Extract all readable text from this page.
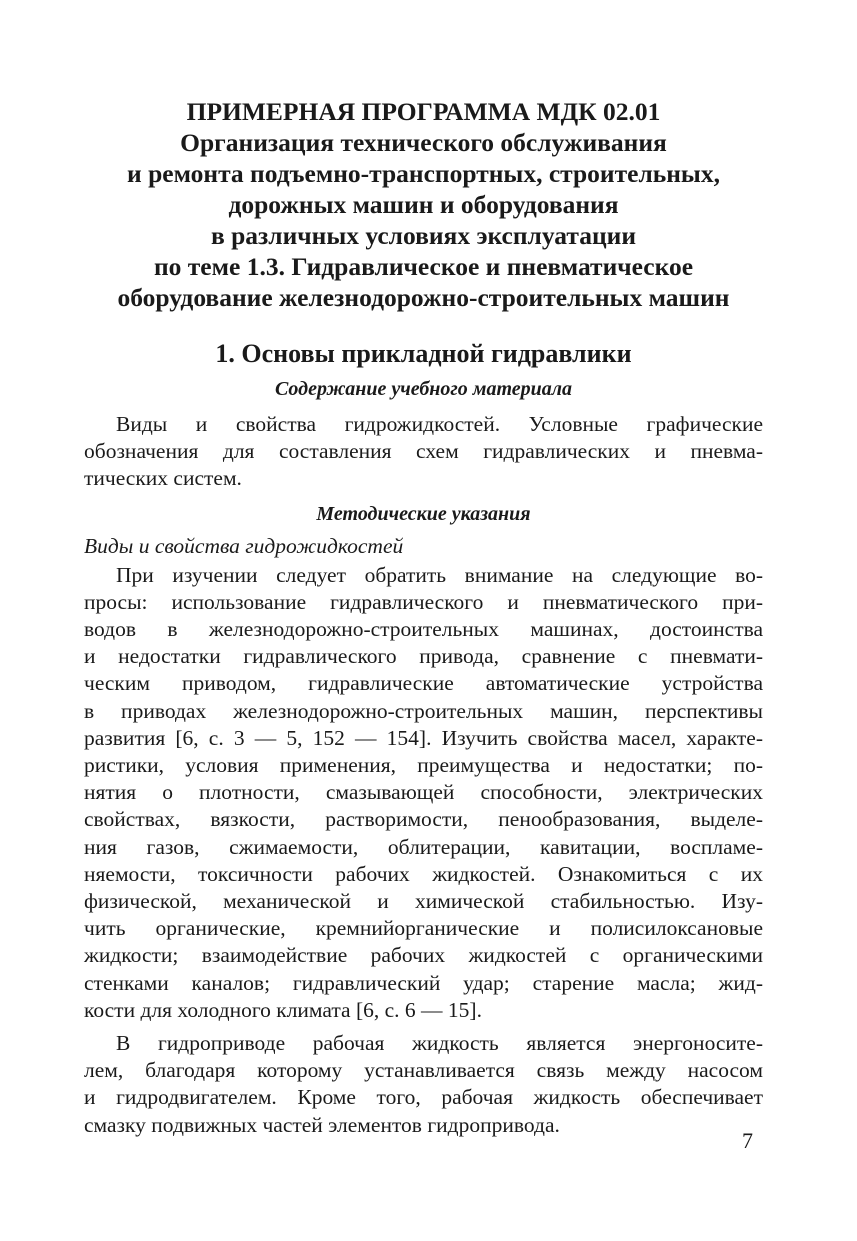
ПРИМЕРНАЯ ПРОГРАММА МДК 02.01
Организация технического обслуживания
и ремонта подъемно-транспортных, строительных,
дорожных машин и оборудования
в различных условиях эксплуатации
по теме 1.3. Гидравлическое и пневматическое
оборудование железнодорожно-строительных машин
1. Основы прикладной гидравлики
Содержание учебного материала

Виды и свойства гидрожидкостей. Условные графические
обозначения для составления схем гидравлических и пневма-
тических систем.

Методические указания

Виды и свойства гидрожидкостей

При изучении следует обратить внимание на следующие во-
просы: использование гидравлического и пневматического при-
водов в железнодорожно-строительных машинах, достоинства
и недостатки гидравлического привода, сравнение с пневмати-
ческим приводом, гидравлические автоматические устройства
в приводах железнодорожно-строительных машин, перспективы
развития [6, с. 3 — 5, 152 — 154]. Изучить свойства масел, характе-
ристики, условия применения, преимущества и недостатки; по-
нятия о плотности, смазывающей способности, электрических
свойствах, вязкости, растворимости, пенообразования, выделе-
ния газов, сжимаемости, облитерации, кавитации, воспламе-
няемости, токсичности рабочих жидкостей. Ознакомиться с их
физической, механической и химической стабильностью. Изу-
чить органические, кремнийорганические и полисилоксановые
жидкости; взаимодействие рабочих жидкостей с органическими
стенками каналов; гидравлический удар; старение масла; жид-
кости для холодного климата [6, с. 6 — 15].

В гидроприводе рабочая жидкость является энергоносите-
лем, благодаря которому устанавливается связь между насосом
и гидродвигателем. Кроме того, рабочая жидкость обеспечивает
смазку подвижных частей элементов гидропривода.

7
